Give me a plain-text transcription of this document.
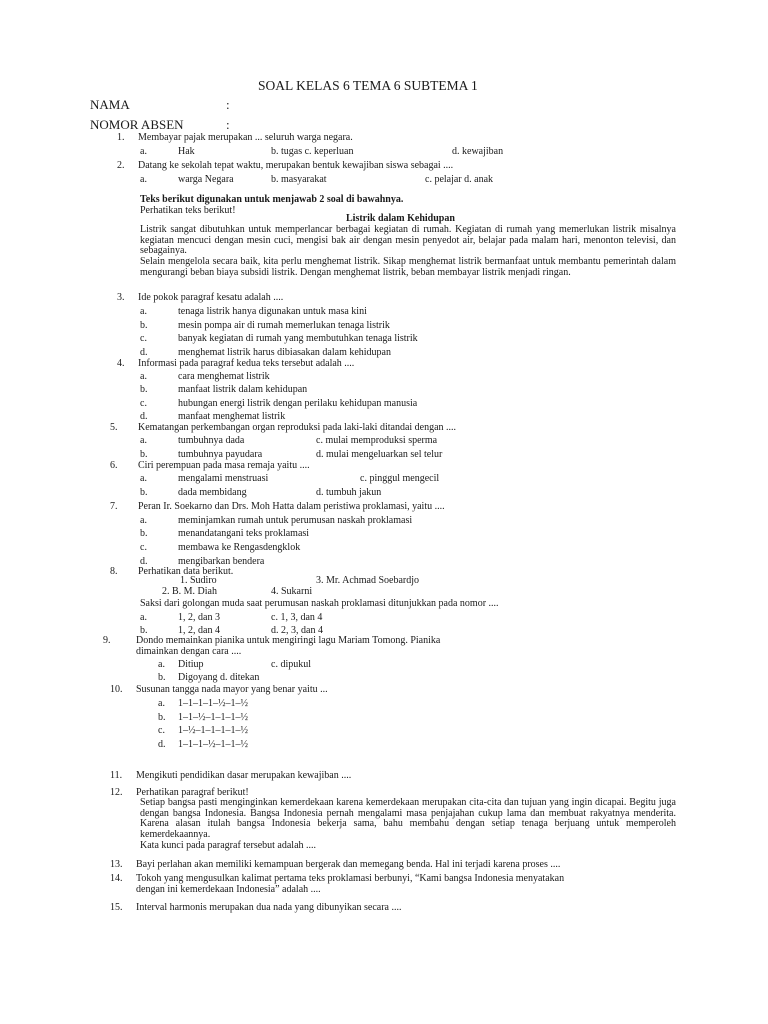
SOAL KELAS 6 TEMA 6 SUBTEMA 1
NAMA	:
NOMOR ABSEN	:
1. Membayar pajak merupakan ... seluruh warga negara.
a.	Hak	b. tugas c. keperluan	d. kewajiban
2. Datang ke sekolah tepat waktu, merupakan bentuk kewajiban siswa sebagai ....
a.	warga Negara	b. masyarakat	c. pelajar d. anak
Teks berikut digunakan untuk menjawab 2 soal di bawahnya.
Perhatikan teks berikut!
Listrik dalam Kehidupan
Listrik sangat dibutuhkan untuk memperlancar berbagai kegiatan di rumah. Kegiatan di rumah yang memerlukan listrik misalnya kegiatan mencuci dengan mesin cuci, mengisi bak air dengan mesin penyedot air, belajar pada malam hari, menonton televisi, dan sebagainya.
Selain mengelola secara baik, kita perlu menghemat listrik. Sikap menghemat listrik bermanfaat untuk membantu pemerintah dalam mengurangi beban biaya subsidi listrik. Dengan menghemat listrik, beban membayar listrik menjadi ringan.
3. Ide pokok paragraf kesatu adalah ....
a.	tenaga listrik hanya digunakan untuk masa kini
b.	mesin pompa air di rumah memerlukan tenaga listrik
c.	banyak kegiatan di rumah yang membutuhkan tenaga listrik
d.	menghemat listrik harus dibiasakan dalam kehidupan
4. Informasi pada paragraf kedua teks tersebut adalah ....
a.	cara menghemat listrik
b.	manfaat listrik dalam kehidupan
c.	hubungan energi listrik dengan perilaku kehidupan manusia
d.	manfaat menghemat listrik
5. Kematangan perkembangan organ reproduksi pada laki-laki ditandai dengan ....
a.	tumbuhnya dada	c. mulai memproduksi sperma
b.	tumbuhnya payudara	d. mulai mengeluarkan sel telur
6. Ciri perempuan pada masa remaja yaitu ....
a.	mengalami menstruasi	c. pinggul mengecil
b.	dada membidang	d. tumbuh jakun
7. Peran Ir. Soekarno dan Drs. Moh Hatta dalam peristiwa proklamasi, yaitu ....
a.	meminjamkan rumah untuk perumusan naskah proklamasi
b.	menandatangani teks proklamasi
c.	membawa ke Rengasdengklok
d.	mengibarkan bendera
8. Perhatikan data berikut.
1. Sudiro	3. Mr. Achmad Soebardjo
2. B. M. Diah	4. Sukarni
Saksi dari golongan muda saat perumusan naskah proklamasi ditunjukkan pada nomor ....
a.	1, 2, dan 3	c. 1, 3, dan 4
b.	1, 2, dan 4	d. 2, 3, dan 4
9.	Dondo memainkan pianika untuk mengiringi lagu Mariam Tomong. Pianika
dimainkan dengan cara ....
a. Ditiup	c. dipukul
b. Digoyang d. ditekan
10. Susunan tangga nada mayor yang benar yaitu ...
a. 1–1–1–1–½–1–½
b. 1–1–½–1–1–1–½
c. 1–½–1–1–1–1–½
d. 1–1–1–½–1–1–½
11. Mengikuti pendidikan dasar merupakan kewajiban ....
12. Perhatikan paragraf berikut!
Setiap bangsa pasti menginginkan kemerdekaan karena kemerdekaan merupakan cita-cita dan tujuan yang ingin dicapai. Begitu juga dengan bangsa Indonesia. Bangsa Indonesia pernah mengalami masa penjajahan cukup lama dan membuat rakyatnya menderita. Karena alasan itulah bangsa Indonesia bekerja sama, bahu membahu dengan setiap tenaga berjuang untuk memperoleh kemerdekaannya.
Kata kunci pada paragraf tersebut adalah ....
13. Bayi perlahan akan memiliki kemampuan bergerak dan memegang benda. Hal ini terjadi karena proses ....
14. Tokoh yang mengusulkan kalimat pertama teks proklamasi berbunyi, “Kami bangsa Indonesia menyatakan
dengan ini kemerdekaan Indonesia” adalah ....
15. Interval harmonis merupakan dua nada yang dibunyikan secara ....
